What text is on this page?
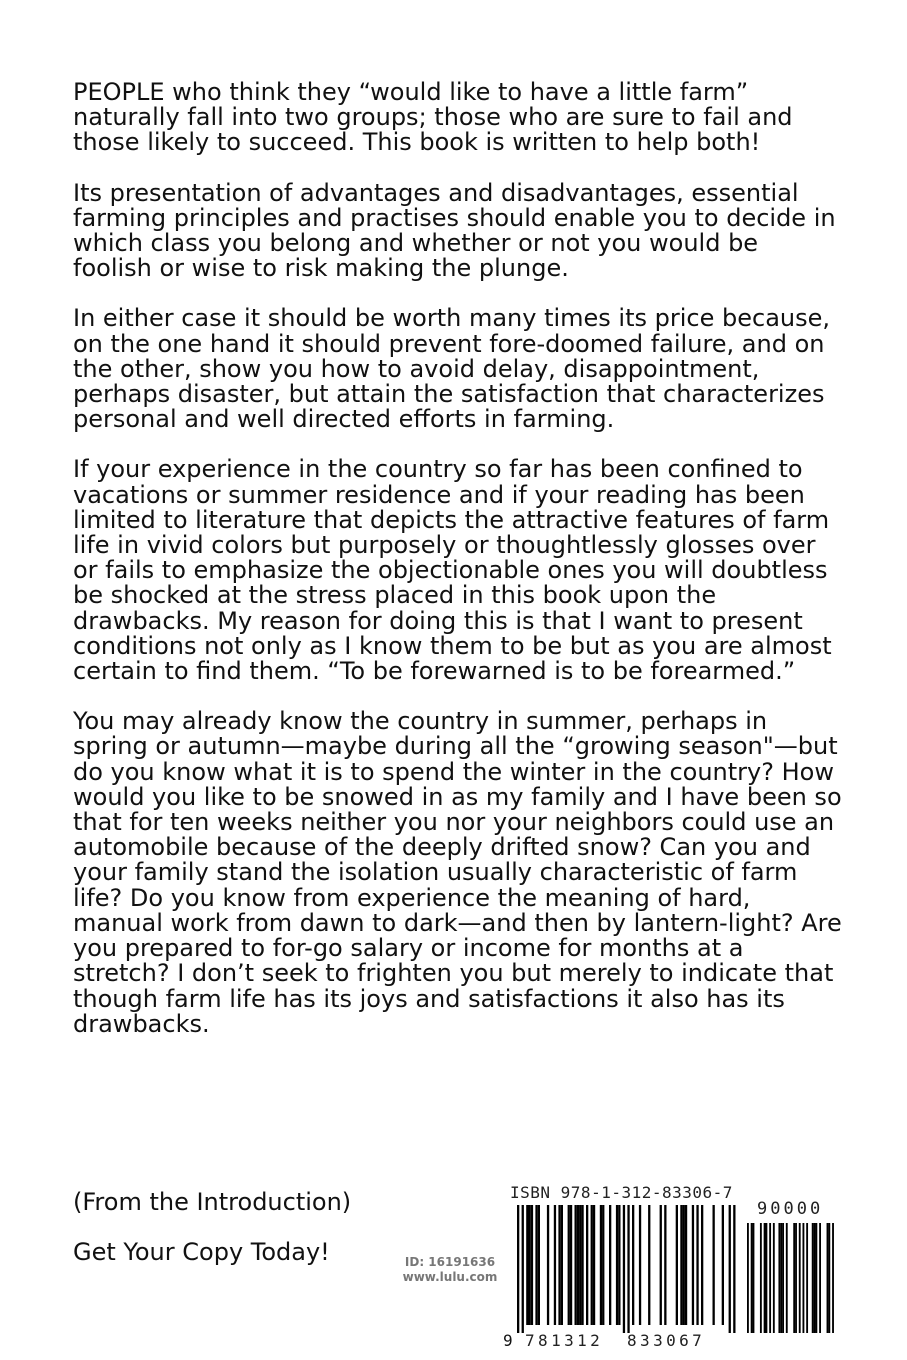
PEOPLE who think they “would like to have a little farm” naturally fall into two groups; those who are sure to fail and those likely to succeed. This book is written to help both!

Its presentation of advantages and disadvantages, essential farming principles and practises should enable you to decide in which class you belong and whether or not you would be foolish or wise to risk making the plunge.

In either case it should be worth many times its price because, on the one hand it should prevent fore-doomed failure, and on the other, show you how to avoid delay, disappointment, perhaps disaster, but attain the satisfaction that characterizes personal and well directed efforts in farming.

If your experience in the country so far has been confined to vacations or summer residence and if your reading has been limited to literature that depicts the attractive features of farm life in vivid colors but purposely or thoughtlessly glosses over or fails to emphasize the objectionable ones you will doubtless be shocked at the stress placed in this book upon the drawbacks. My reason for doing this is that I want to present conditions not only as I know them to be but as you are almost certain to find them. “To be forewarned is to be forearmed.”

You may already know the country in summer, perhaps in spring or autumn—maybe during all the “growing season"—but do you know what it is to spend the winter in the country? How would you like to be snowed in as my family and I have been so that for ten weeks neither you nor your neighbors could use an automobile because of the deeply drifted snow? Can you and your family stand the isolation usually characteristic of farm life? Do you know from experience the meaning of hard, manual work from dawn to dark—and then by lantern-light? Are you prepared to for-go salary or income for months at a stretch? I don’t seek to frighten you but merely to indicate that though farm life has its joys and satisfactions it also has its drawbacks.

(From the Introduction)
Get Your Copy Today!	ID: 16191636
www.lulu.com
ISBN 978-1-312-83306-7
90000
9 781312 833067
